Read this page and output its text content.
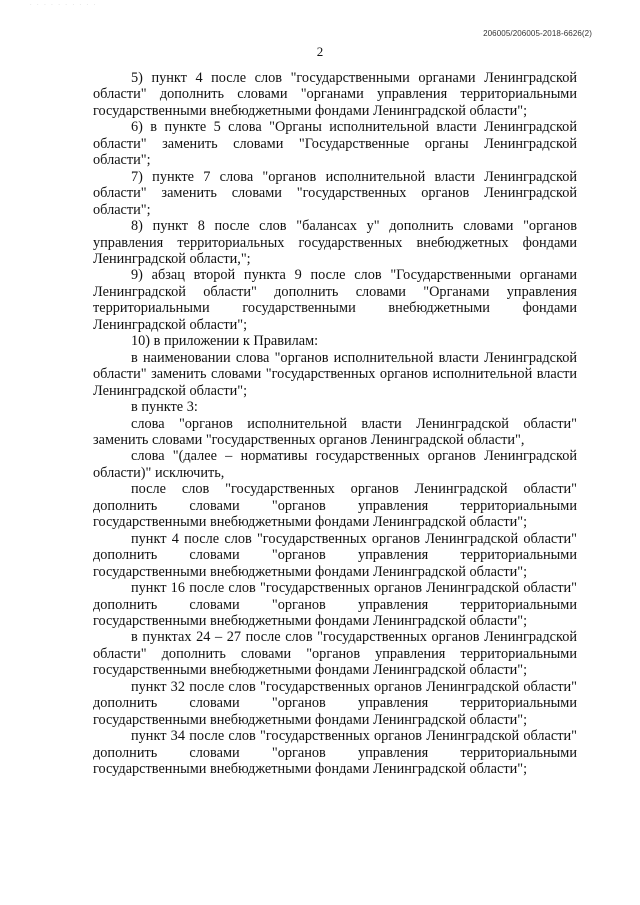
· · · · · · · · · ·
206005/206005-2018-6626(2)
2

5) пункт 4 после слов "государственными органами Ленинградской области" дополнить словами "органами управления территориальными государственными внебюджетными фондами Ленинградской области";

6) в пункте 5 слова "Органы исполнительной власти Ленинградской области" заменить словами "Государственные органы Ленинградской области";

7) пункте 7 слова "органов исполнительной власти Ленинградской области" заменить словами "государственных органов Ленинградской области";

8) пункт 8 после слов "балансах у" дополнить словами "органов управления территориальных государственных внебюджетных фондами Ленинградской области,";

9) абзац второй пункта 9 после слов "Государственными органами Ленинградской области" дополнить словами "Органами управления территориальными государственными внебюджетными фондами Ленинградской области";

10) в приложении к Правилам:

в наименовании слова "органов исполнительной власти Ленинградской области" заменить словами "государственных органов исполнительной власти Ленинградской области";

в пункте 3:

слова "органов исполнительной власти Ленинградской области" заменить словами "государственных органов Ленинградской области",

слова "(далее – нормативы государственных органов Ленинградской области)" исключить,

после слов "государственных органов Ленинградской области" дополнить словами "органов управления территориальными государственными внебюджетными фондами Ленинградской области";

пункт 4 после слов "государственных органов Ленинградской области" дополнить словами "органов управления территориальными государственными внебюджетными фондами Ленинградской области";

пункт 16 после слов "государственных органов Ленинградской области" дополнить словами "органов управления территориальными государственными внебюджетными фондами Ленинградской области";

в пунктах 24 – 27 после слов "государственных органов Ленинградской области" дополнить словами "органов управления территориальными государственными внебюджетными фондами Ленинградской области";

пункт 32 после слов "государственных органов Ленинградской области" дополнить словами "органов управления территориальными государственными внебюджетными фондами Ленинградской области";

пункт 34 после слов "государственных органов Ленинградской области" дополнить словами "органов управления территориальными государственными внебюджетными фондами Ленинградской области";
